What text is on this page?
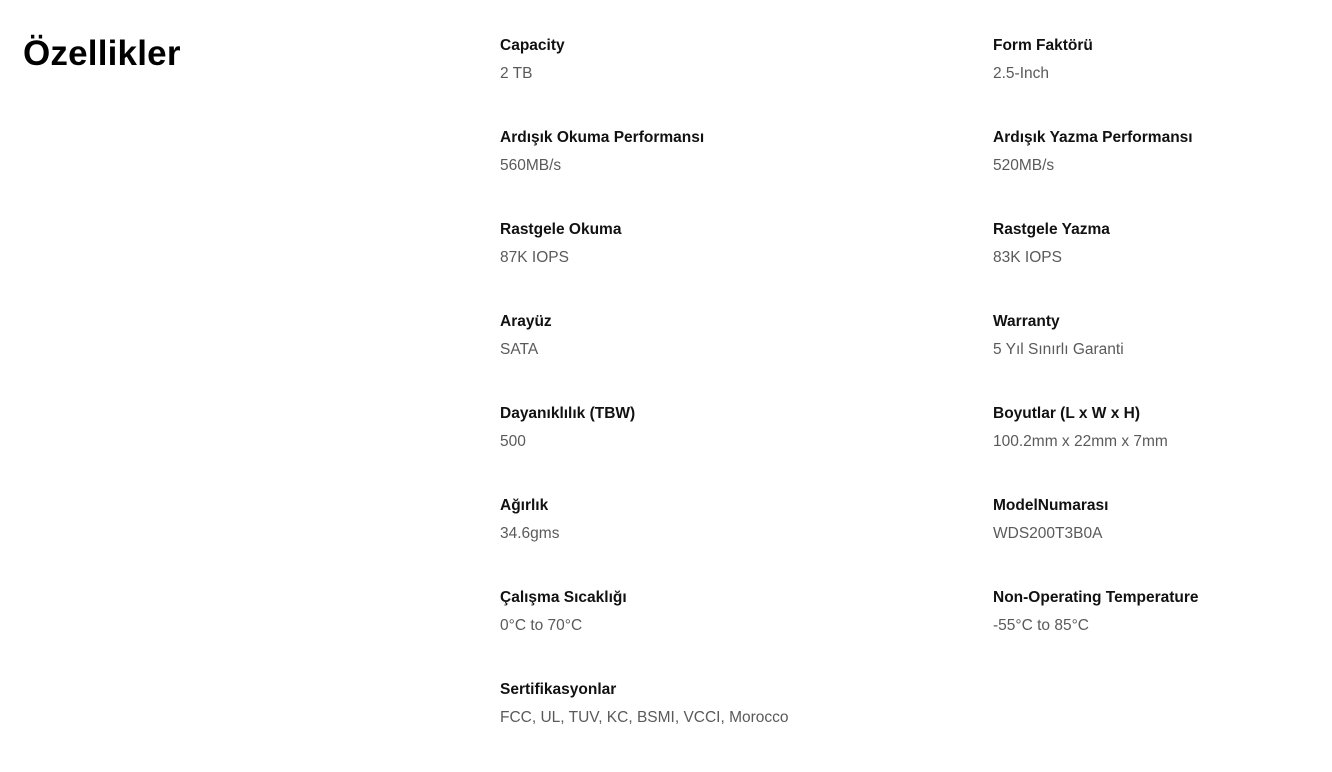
Özellikler	Capacity
2 TB
Form Faktörü
2.5-Inch
Ardışık Okuma Performansı
560MB/s
Ardışık Yazma Performansı
520MB/s
Rastgele Okuma
87K IOPS
Rastgele Yazma
83K IOPS
Arayüz
SATA
Warranty
5 Yıl Sınırlı Garanti
Dayanıklılık (TBW)
500
Boyutlar (L x W x H)
100.2mm x 22mm x 7mm
Ağırlık
34.6gms
ModelNumarası
WDS200T3B0A
Çalışma Sıcaklığı
0°C to 70°C
Non-Operating Temperature
-55°C to 85°C
Sertifikasyonlar
FCC, UL, TUV, KC, BSMI, VCCI, Morocco
